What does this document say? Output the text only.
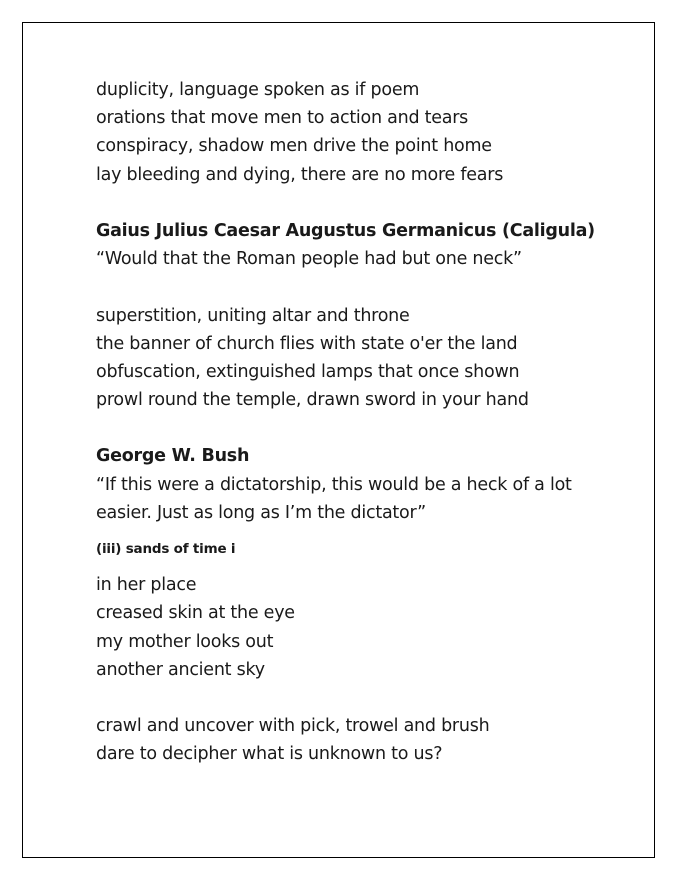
duplicity, language spoken as if poem
orations that move men to action and tears
conspiracy, shadow men drive the point home
lay bleeding and dying, there are no more fears
Gaius Julius Caesar Augustus Germanicus (Caligula)
“Would that the Roman people had but one neck”
superstition, uniting altar and throne
the banner of church flies with state o'er the land
obfuscation, extinguished lamps that once shown
prowl round the temple, drawn sword in your hand
George W. Bush
“If this were a dictatorship, this would be a heck of a lot
easier. Just as long as I’m the dictator”
(iii) sands of time i
in her place
creased skin at the eye
my mother looks out
another ancient sky
crawl and uncover with pick, trowel and brush
dare to decipher what is unknown to us?
